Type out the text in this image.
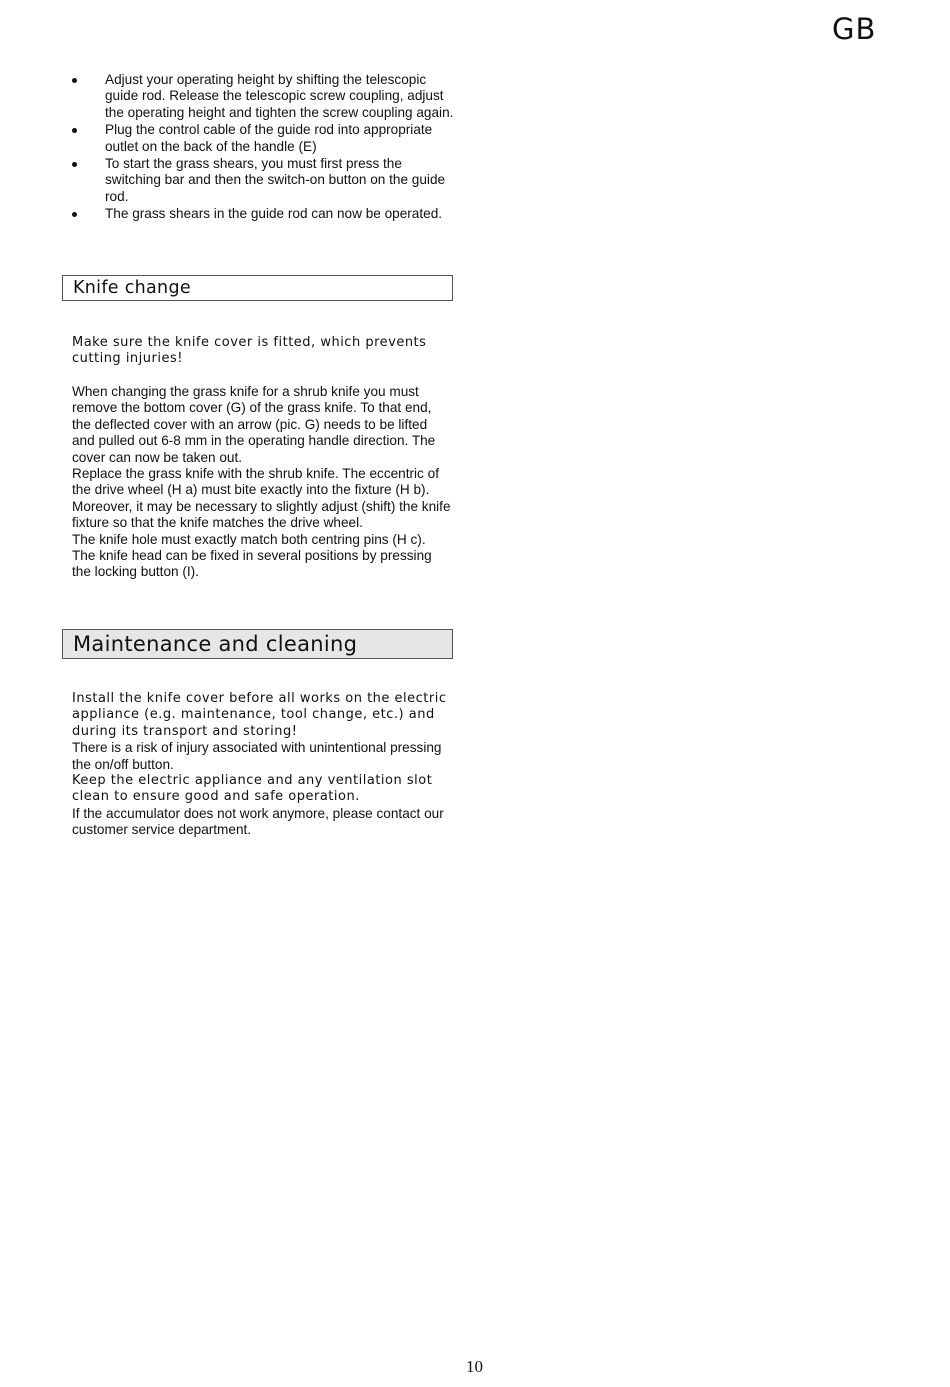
GB
Adjust your operating height by shifting the telescopic guide rod. Release the telescopic screw coupling, adjust the operating height and tighten the screw coupling again.
Plug the control cable of the guide rod into appropriate outlet on the back of the handle (E)
To start the grass shears, you must first press the switching bar and then the switch-on button on the guide rod.
The grass shears in the guide rod can now be operated.
Knife change

Make sure the knife cover is fitted, which prevents cutting injuries!

When changing the grass knife for a shrub knife you must remove the bottom cover (G) of the grass knife. To that end, the deflected cover with an arrow (pic. G) needs to be lifted and pulled out 6-8 mm in the operating handle direction. The cover can now be taken out.
Replace the grass knife with the shrub knife. The eccentric of the drive wheel (H a) must bite exactly into the fixture (H b).
Moreover, it may be necessary to slightly adjust (shift) the knife fixture so that the knife matches the drive wheel.
The knife hole must exactly match both centring pins (H c).
The knife head can be fixed in several positions by pressing the locking button (I).
Maintenance and cleaning
Install the knife cover before all works on the electric appliance (e.g. maintenance, tool change, etc.) and during its transport and storing!
There is a risk of injury associated with unintentional pressing the on/off button.
Keep the electric appliance and any ventilation slot clean to ensure good and safe operation.
If the accumulator does not work anymore, please contact our customer service department.
10
